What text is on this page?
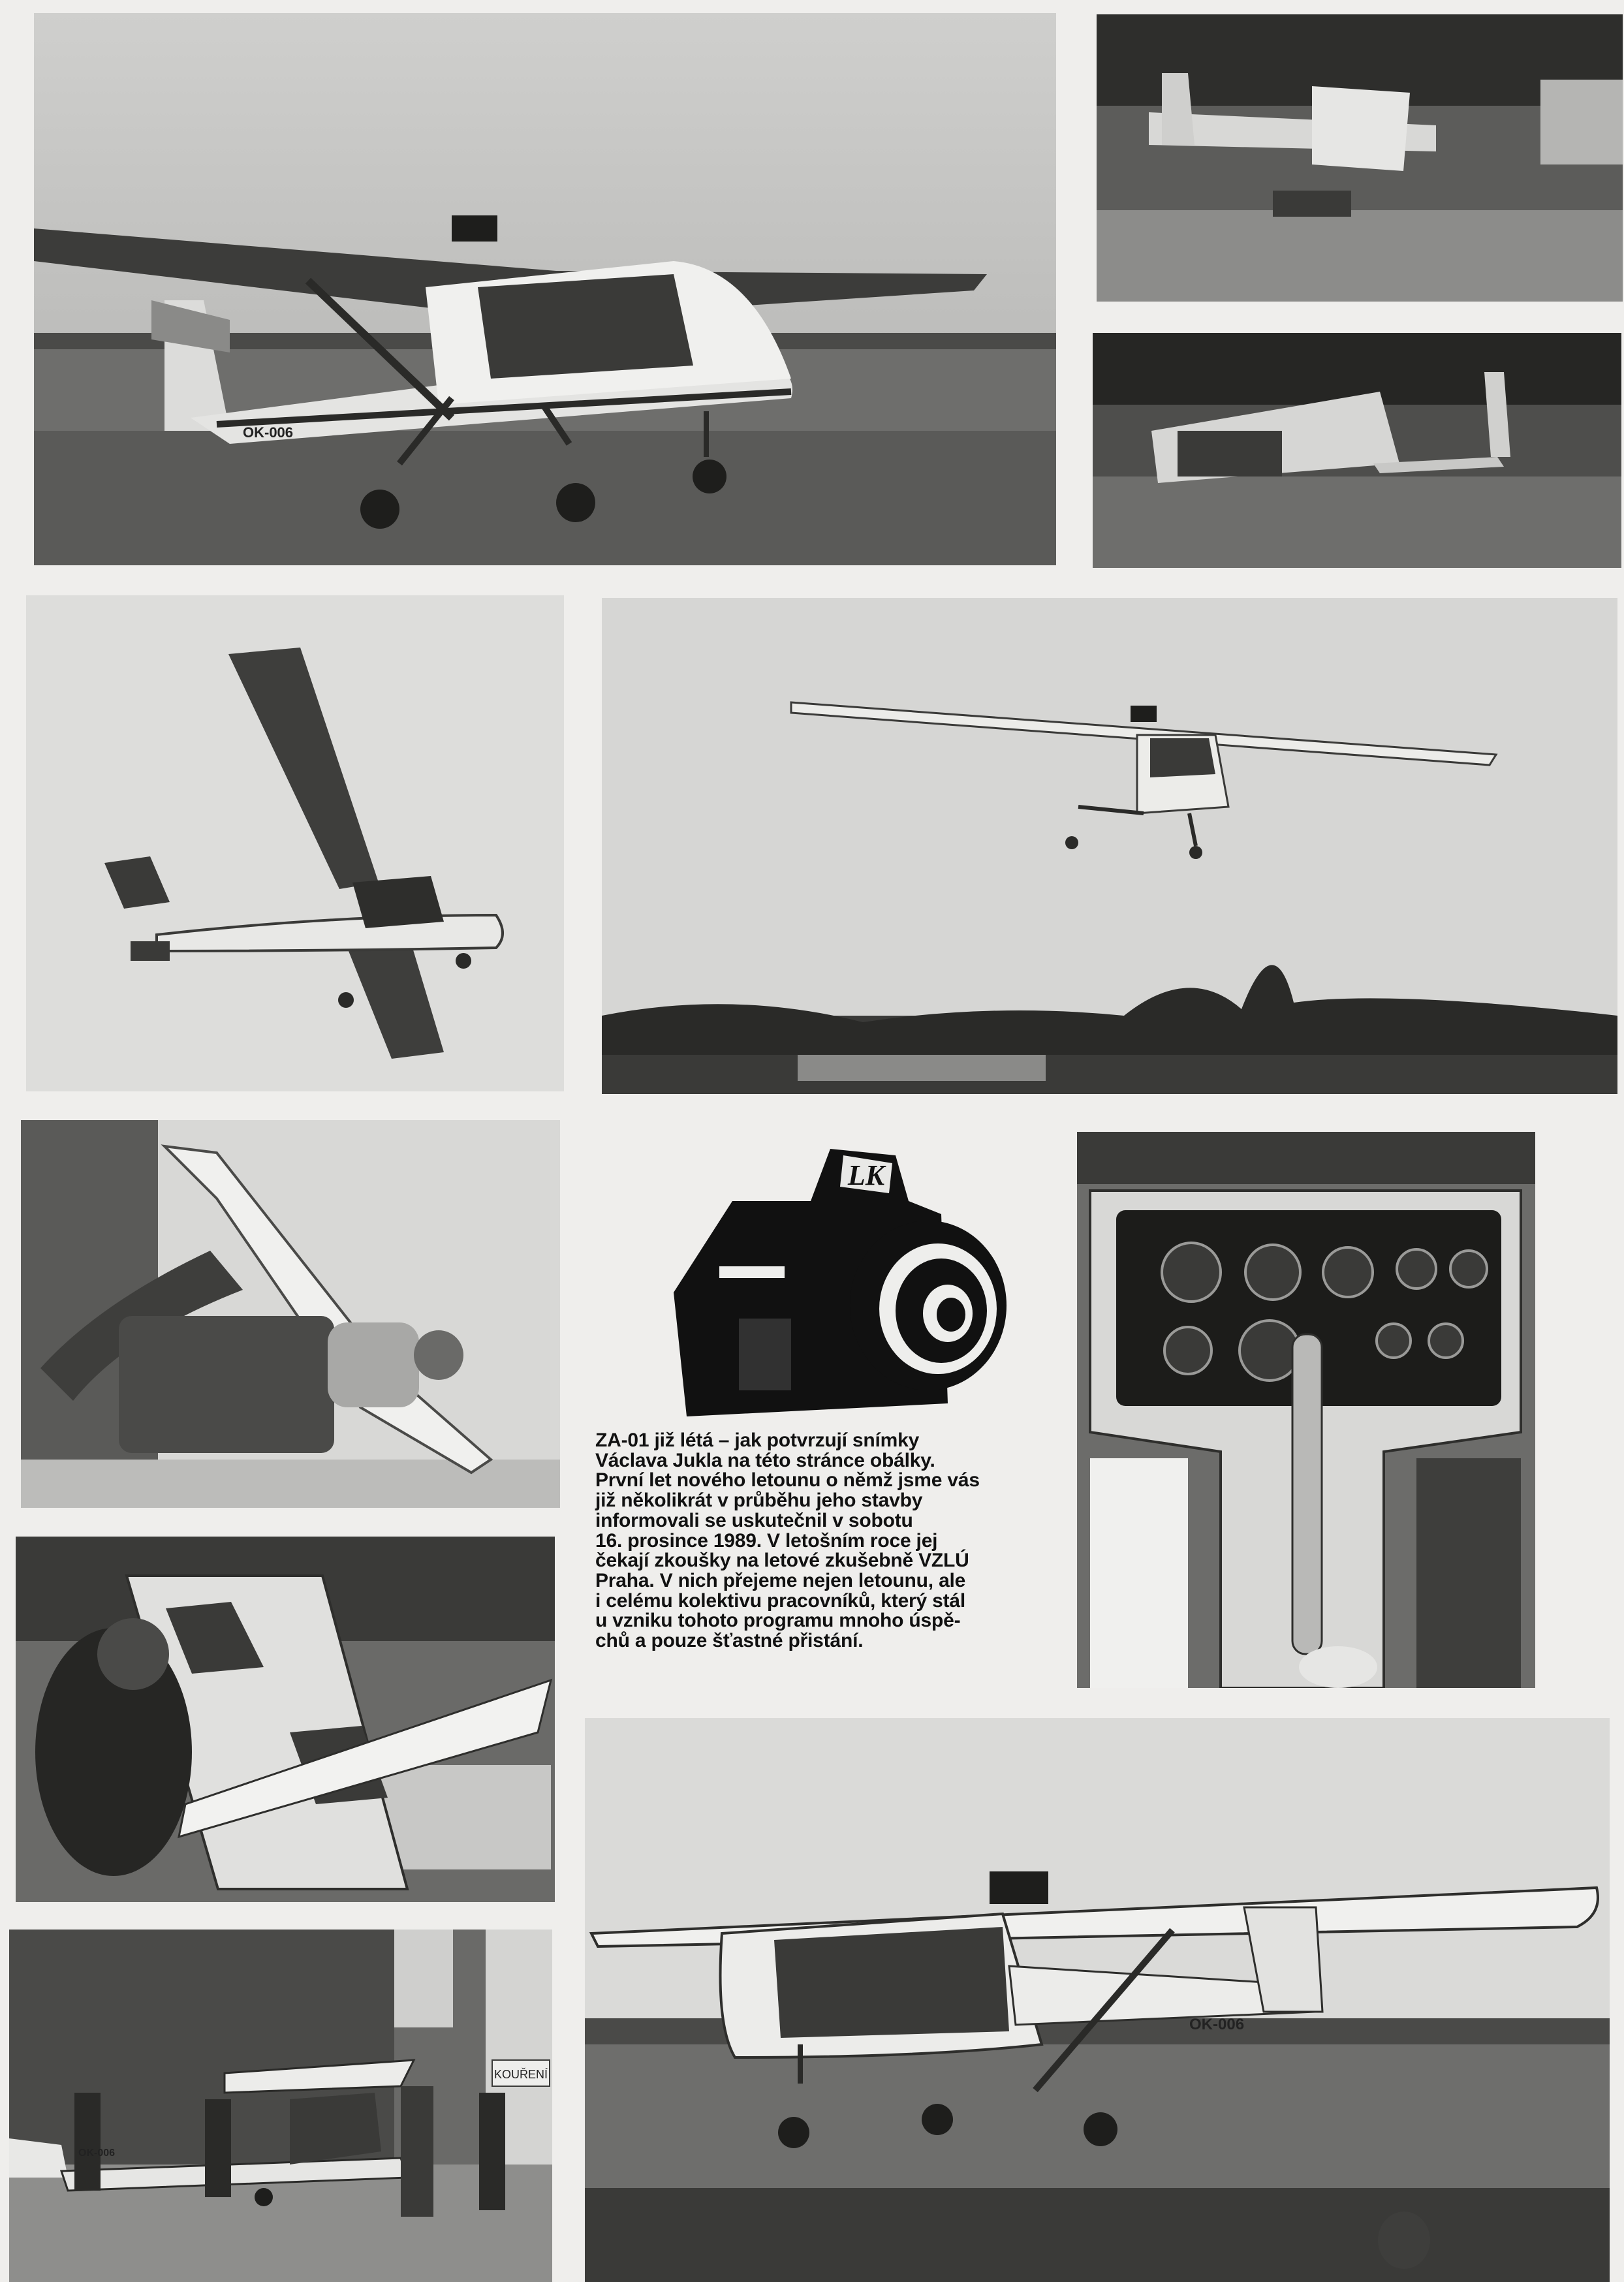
KOUŘENÍ
LK
ZA-01 již létá – jak potvrzují snímky
Václava Jukla na této stránce obálky.
První let nového letounu o němž jsme vás
již několikrát v průběhu jeho stavby
informovali se uskutečnil v sobotu
16. prosince 1989. V letošním roce jej
čekají zkoušky na letové zkušebně VZLÚ
Praha. V nich přejeme nejen letounu, ale
i celému kolektivu pracovníků, který stál
u vzniku tohoto programu mnoho úspě-
chů a pouze šťastné přistání.
OK-006
OK-006
OK-006
